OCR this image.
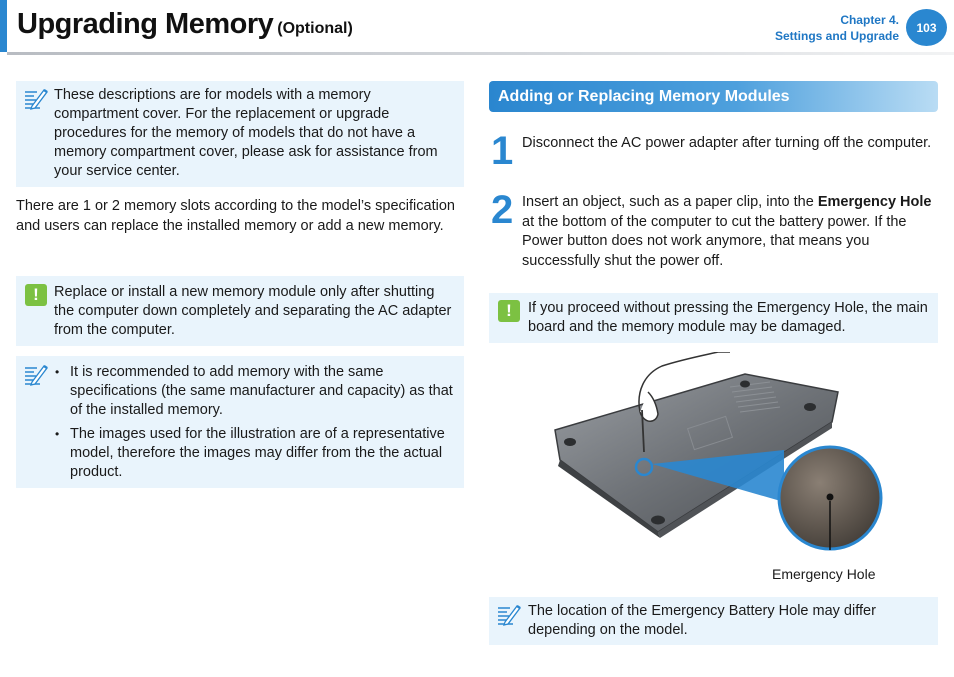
Upgrading Memory (Optional)	Chapter 4.
Settings and Upgrade
103
These descriptions are for models with a memory compartment cover. For the replacement or upgrade procedures for the memory of models that do not have a memory compartment cover, please ask for assistance from your service center.
There are 1 or 2 memory slots according to the model’s specification and users can replace the installed memory or add a new memory.
!	Replace or install a new memory module only after shutting the computer down completely and separating the AC adapter from the computer.
• It is recommended to add memory with the same specifications (the same manufacturer and capacity) as that of the installed memory.
• The images used for the illustration are of a representative model, therefore the images may differ from the the actual product.
Adding or Replacing Memory Modules
1 Disconnect the AC power adapter after turning off the computer.
2 Insert an object, such as a paper clip, into the Emergency Hole at the bottom of the computer to cut the battery power. If the Power button does not work anymore, that means you successfully shut the power off.
!	If you proceed without pressing the Emergency Hole, the main board and the memory module may be damaged.
Emergency Hole
The location of the Emergency Battery Hole may differ depending on the model.
